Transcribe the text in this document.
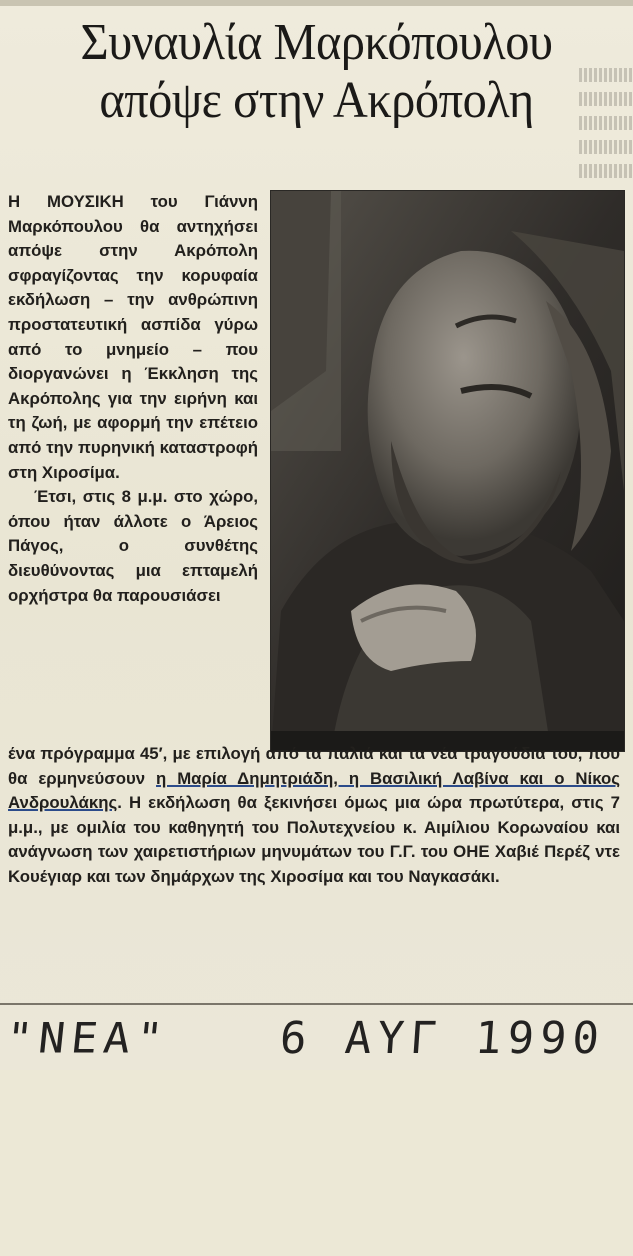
Συναυλία Μαρκόπουλου
απόψε στην Ακρόπολη

Η ΜΟΥΣΙΚΗ του Γιάννη Μαρκόπουλου θα αντηχήσει απόψε στην Ακρόπολη σφραγίζοντας την κορυφαία εκδήλωση – την ανθρώπινη προστατευτική ασπίδα γύρω από το μνημείο – που διοργανώνει η Έκκληση της Ακρόπολης για την ειρήνη και τη ζωή, με αφορμή την επέτειο από την πυρηνική καταστροφή στη Χιροσίμα.

Έτσι, στις 8 μ.μ. στο χώρο, όπου ήταν άλλοτε ο Άρειος Πάγος, ο συνθέτης διευθύνοντας μια επταμελή ορχήστρα θα παρουσιάσει

ένα πρόγραμμα 45′, με επιλογή από τα παλιά και τα νέα τραγούδια του, που θα ερμηνεύσουν η Μαρία Δημητριάδη, η Βασιλική Λαβίνα και ο Νίκος Ανδρουλάκης. Η εκδήλωση θα ξεκινήσει όμως μια ώρα πρωτύτερα, στις 7 μ.μ., με ομιλία του καθηγητή του Πολυτεχνείου κ. Αιμίλιου Κορωναίου και ανάγνωση των χαιρετιστήριων μηνυμάτων του Γ.Γ. του ΟΗΕ Χαβιέ Περέζ ντε Κουέγιαρ και των δημάρχων της Χιροσίμα και του Ναγκασάκι.

"ΝΕΑ"

6 ΑΥΓ 1990
